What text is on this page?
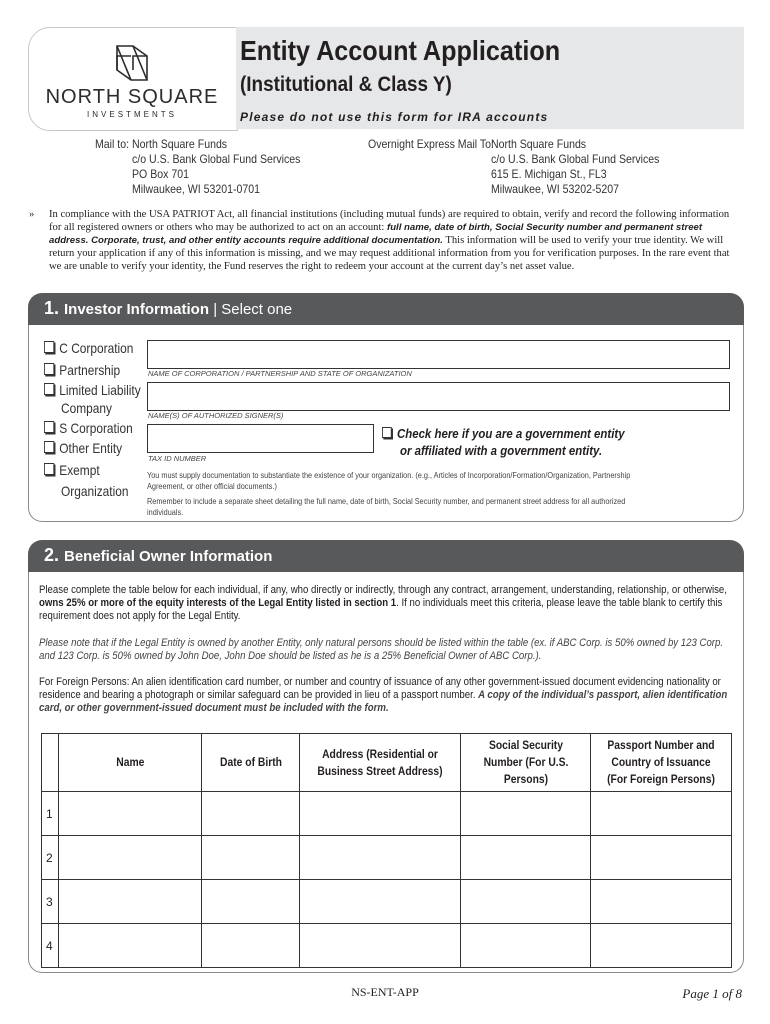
NORTH SQUARE
INVESTMENTS
Entity Account Application
(Institutional & Class Y)
Please do not use this form for IRA accounts
Mail to: North Square Funds
c/o U.S. Bank Global Fund Services
PO Box 701
Milwaukee, WI 53201-0701
Overnight Express Mail To:
North Square Funds
c/o U.S. Bank Global Fund Services
615 E. Michigan St., FL3
Milwaukee, WI 53202-5207
» In compliance with the USA PATRIOT Act, all financial institutions (including mutual funds) are required to obtain, verify and record the following information for all registered owners or others who may be authorized to act on an account: full name, date of birth, Social Security number and permanent street address. Corporate, trust, and other entity accounts require additional documentation. This information will be used to verify your true identity. We will return your application if any of this information is missing, and we may request additional information from you for verification purposes. In the rare event that we are unable to verify your identity, the Fund reserves the right to redeem your account at the current day’s net asset value.

1. Investor Information | Select one
C Corporation
Partnership
Limited Liability
Company
S Corporation
Other Entity
Exempt
Organization
NAME OF CORPORATION / PARTNERSHIP AND STATE OF ORGANIZATION
NAME(S) OF AUTHORIZED SIGNER(S)
TAX ID NUMBER
Check here if you are a government entity
or affiliated with a government entity.
You must supply documentation to substantiate the existence of your organization. (e.g., Articles of Incorporation/Formation/Organization, Partnership Agreement, or other official documents.)
Remember to include a separate sheet detailing the full name, date of birth, Social Security number, and permanent street address for all authorized individuals.
2. Beneficial Owner Information
Please complete the table below for each individual, if any, who directly or indirectly, through any contract, arrangement, understanding, relationship, or otherwise, owns 25% or more of the equity interests of the Legal Entity listed in section 1. If no individuals meet this criteria, please leave the table blank to certify this requirement does not apply for the Legal Entity.
Please note that if the Legal Entity is owned by another Entity, only natural persons should be listed within the table (ex. if ABC Corp. is 50% owned by 123 Corp. and 123 Corp. is 50% owned by John Doe, John Doe should be listed as he is a 25% Beneficial Owner of ABC Corp.).
For Foreign Persons: An alien identification card number, or number and country of issuance of any other government-issued document evidencing nationality or residence and bearing a photograph or similar safeguard can be provided in lieu of a passport number. A copy of the individual’s passport, alien identification card, or other government-issued document must be included with the form.
	Name	Date of Birth	Address (Residential or Business Street Address)	Social Security Number (For U.S. Persons)	Passport Number and Country of Issuance (For Foreign Persons)
1					
2					
3					
4					
NS-ENT-APP	Page 1 of 8
